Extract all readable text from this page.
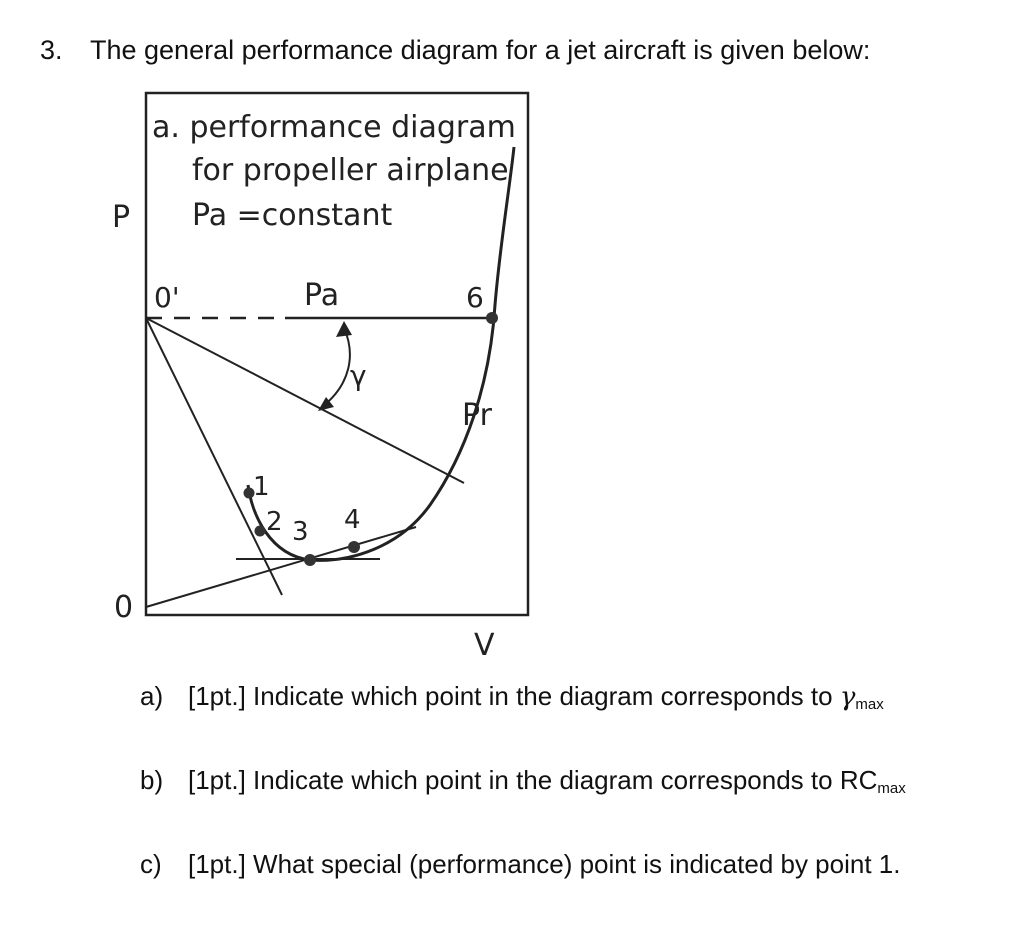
3. The general performance diagram for a jet aircraft is given below:
a. performance diagram
for propeller airplane
Pa =constant
P
V
0
0'	Pa
Pr
γ
1
2 3 4
6
a) [1pt.] Indicate which point in the diagram corresponds to $\gamma_{max}$
b) [1pt.] Indicate which point in the diagram corresponds to $RC_{max}$
c) [1pt.] What special (performance) point is indicated by point 1.
